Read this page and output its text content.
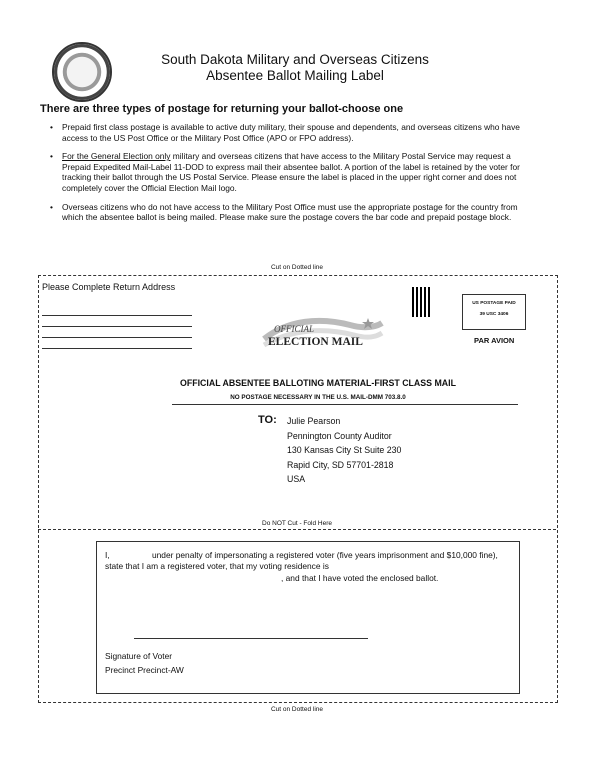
South Dakota Military and Overseas Citizens
Absentee Ballot Mailing Label
There are three types of postage for returning your ballot-choose one
• Prepaid first class postage is available to active duty military, their spouse and dependents, and overseas citizens who have access to the US Post Office or the Military Post Office (APO or FPO address).
• For the General Election only military and overseas citizens that have access to the Military Postal Service may request a Prepaid Expedited Mail-Label 11-DOD to express mail their absentee ballot. A portion of the label is retained by the voter for tracking their ballot through the US Postal Service. Please ensure the label is placed in the upper right corner and does not completely cover the Official Election Mail logo.
• Overseas citizens who do not have access to the Military Post Office must use the appropriate postage for the country from which the absentee ballot is being mailed. Please make sure the postage covers the bar code and prepaid postage block.
Cut on Dotted line
Please Complete Return Address
US POSTAGE PAID
39 USC 3406
PAR AVION
OFFICIAL
ELECTION MAIL
OFFICIAL ABSENTEE BALLOTING MATERIAL-FIRST CLASS MAIL
NO POSTAGE NECESSARY IN THE U.S. MAIL-DMM 703.8.0
TO: Julie Pearson
Pennington County Auditor
130 Kansas City St Suite 230
Rapid City, SD 57701-2818
USA
Do NOT Cut - Fold Here
I,	under penalty of impersonating a registered voter (five years imprisonment and $10,000 fine), state that I am a registered voter, that my voting residence is
, and that I have voted the enclosed ballot.
Signature of Voter
Precinct Precinct-AW
Cut on Dotted line
